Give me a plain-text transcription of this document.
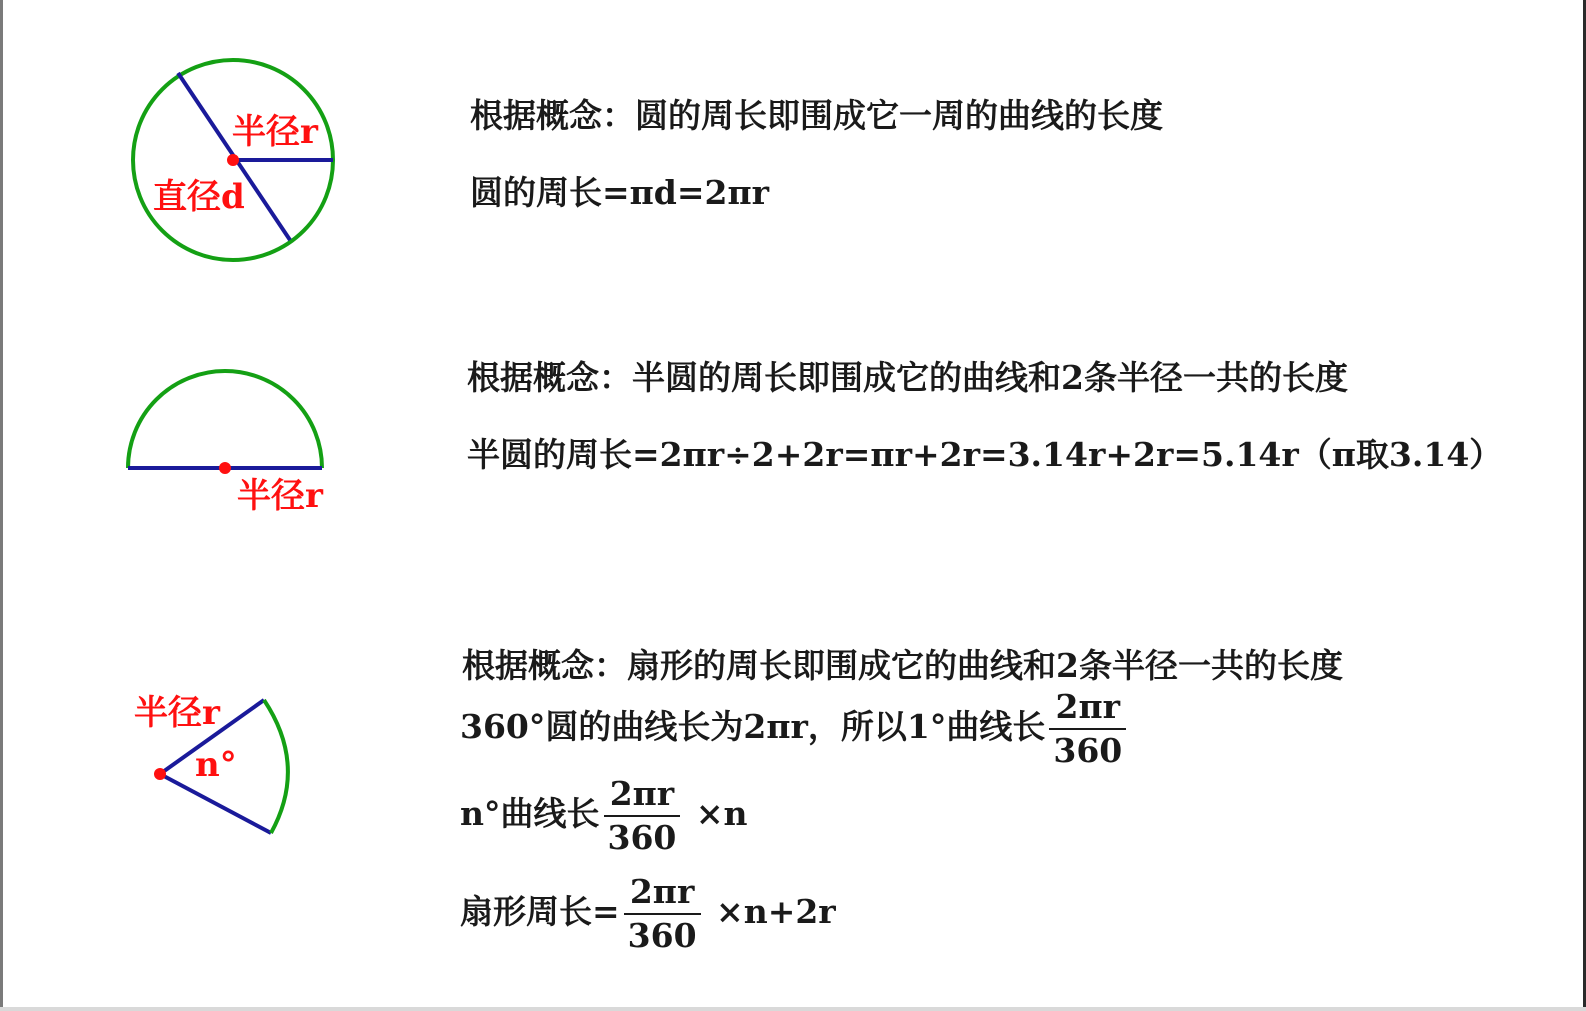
半径r
直径d
半径r
半径r
n°
根据概念：圆的周长即围成它一周的曲线的长度
圆的周长=πd=2πr
根据概念：半圆的周长即围成它的曲线和2条半径一共的长度
半圆的周长=2πr÷2+2r=πr+2r=3.14r+2r=5.14r（π取3.14）
根据概念：扇形的周长即围成它的曲线和2条半径一共的长度
360°圆的曲线长为2πr，所以1°曲线长 $\frac{2\pi r}{360}$
n°曲线长 $\frac{2\pi r}{360} \times n$
扇形周长= $\frac{2\pi r}{360} \times n+2r$
